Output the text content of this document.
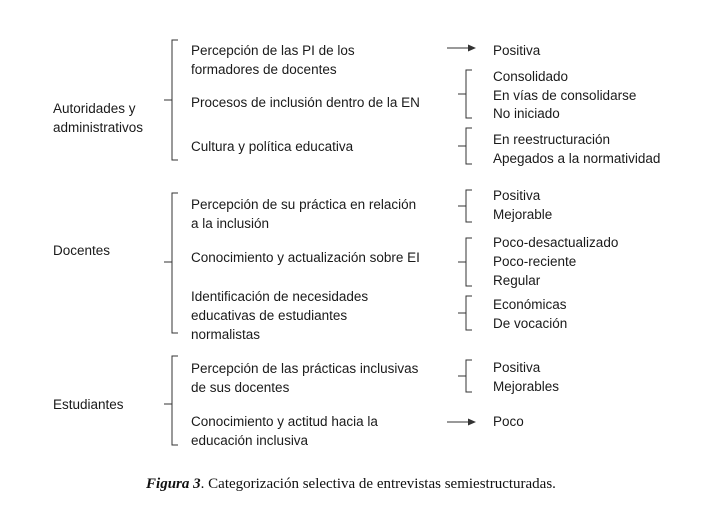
Autoridades y
administrativos
Docentes
Estudiantes
Percepción de las PI de los
formadores de docentes
Procesos de inclusión dentro de la EN
Cultura y política educativa
Percepción de su práctica en relación
a la inclusión
Conocimiento y actualización sobre EI
Identificación de necesidades
educativas de estudiantes
normalistas
Percepción de las prácticas inclusivas
de sus docentes
Conocimiento y actitud hacia la
educación inclusiva
Positiva
Consolidado
En vías de consolidarse
No iniciado
En reestructuración
Apegados a la normatividad
Positiva
Mejorable
Poco-desactualizado
Poco-reciente
Regular
Económicas
De vocación
Positiva
Mejorables
Poco
Figura 3. Categorización selectiva de entrevistas semiestructuradas.
